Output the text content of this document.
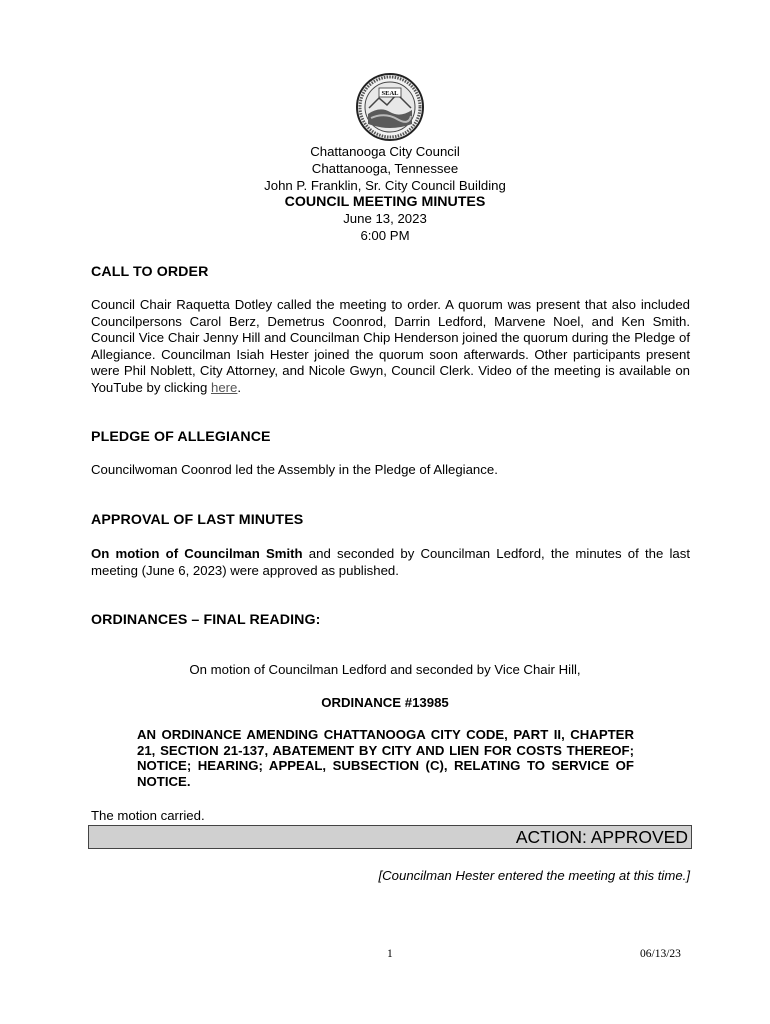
SEAL
Chattanooga City Council
Chattanooga, Tennessee
John P. Franklin, Sr. City Council Building
COUNCIL MEETING MINUTES
June 13, 2023
6:00 PM
CALL TO ORDER
Council Chair Raquetta Dotley called the meeting to order. A quorum was present that also included Councilpersons Carol Berz, Demetrus Coonrod, Darrin Ledford, Marvene Noel, and Ken Smith. Council Vice Chair Jenny Hill and Councilman Chip Henderson joined the quorum during the Pledge of Allegiance. Councilman Isiah Hester joined the quorum soon afterwards. Other participants present were Phil Noblett, City Attorney, and Nicole Gwyn, Council Clerk. Video of the meeting is available on YouTube by clicking here.
PLEDGE OF ALLEGIANCE
Councilwoman Coonrod led the Assembly in the Pledge of Allegiance.
APPROVAL OF LAST MINUTES
On motion of Councilman Smith and seconded by Councilman Ledford, the minutes of the last meeting (June 6, 2023) were approved as published.
ORDINANCES – FINAL READING:
On motion of Councilman Ledford and seconded by Vice Chair Hill,
ORDINANCE #13985
AN ORDINANCE AMENDING CHATTANOOGA CITY CODE, PART II, CHAPTER 21, SECTION 21-137, ABATEMENT BY CITY AND LIEN FOR COSTS THEREOF; NOTICE; HEARING; APPEAL, SUBSECTION (C), RELATING TO SERVICE OF NOTICE.
The motion carried.
ACTION: APPROVED
[Councilman Hester entered the meeting at this time.]
1	06/13/23
